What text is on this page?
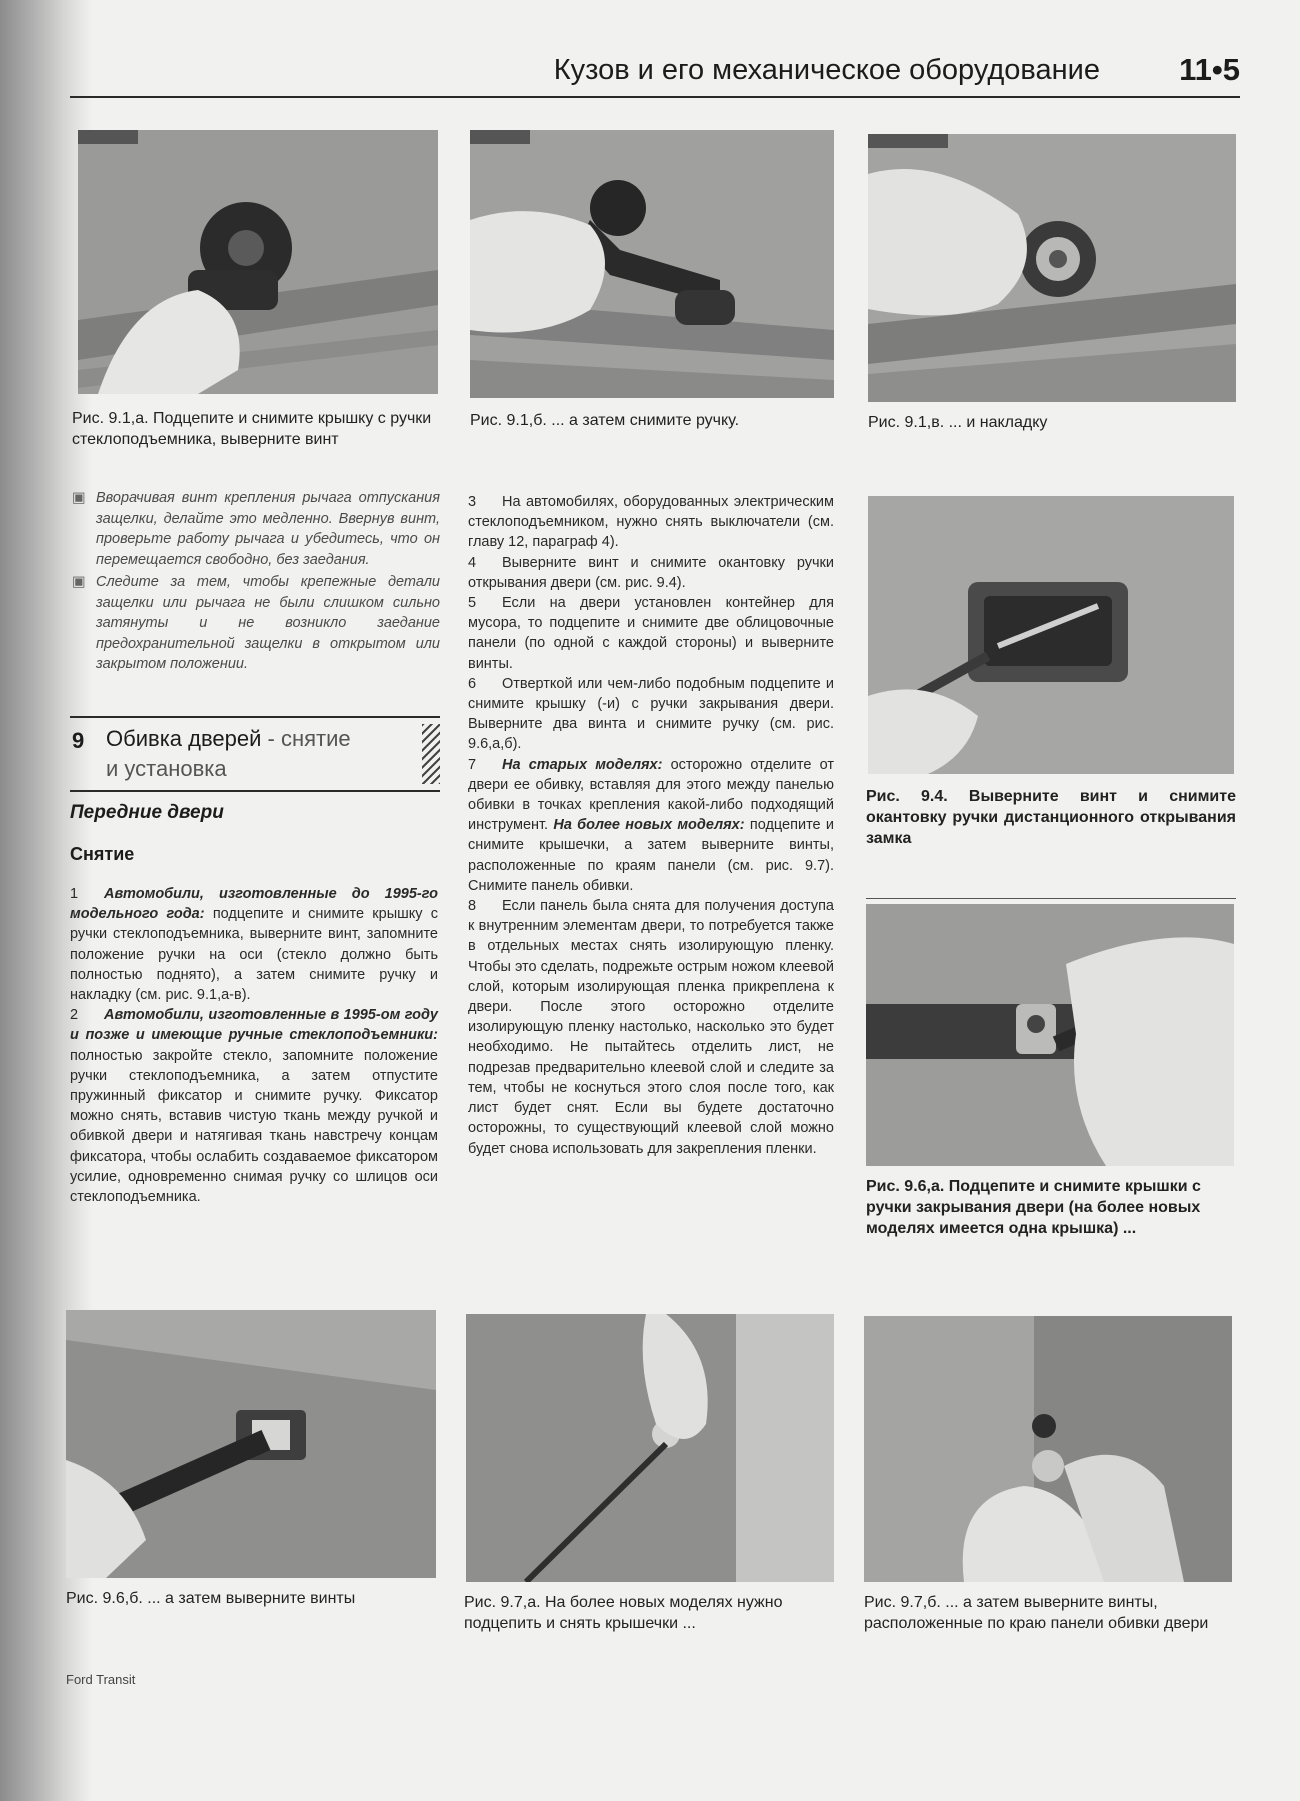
Кузов и его механическое оборудование	11•5
Рис. 9.1,а. Подцепите и снимите крышку с ручки стеклоподъемника, выверните винт
Рис. 9.1,б. ... а затем снимите ручку.	Рис. 9.1,в. ... и накладку

▣ Вворачивая винт крепления рычага отпускания защелки, делайте это медленно. Ввернув винт, проверьте работу рычага и убедитесь, что он перемещается свободно, без заедания.

▣ Следите за тем, чтобы крепежные детали защелки или рычага не были слишком сильно затянуты и не возникло заедание предохранительной защелки в открытом или закрытом положении.

9 Обивка дверей - снятие
и установка
Передние двери
Снятие

1 Автомобили, изготовленные до 1995-го модельного года: подцепите и снимите крышку с ручки стеклоподъемника, выверните винт, запомните положение ручки на оси (стекло должно быть полностью поднято), а затем снимите ручку и накладку (см. рис. 9.1,а-в).

2 Автомобили, изготовленные в 1995-ом году и позже и имеющие ручные стеклоподъемники: полностью закройте стекло, запомните положение ручки стеклоподъемника, а затем отпустите пружинный фиксатор и снимите ручку. Фиксатор можно снять, вставив чистую ткань между ручкой и обивкой двери и натягивая ткань навстречу концам фиксатора, чтобы ослабить создаваемое фиксатором усилие, одновременно снимая ручку со шлицов оси стеклоподъемника.

3 На автомобилях, оборудованных электрическим стеклоподъемником, нужно снять выключатели (см. главу 12, параграф 4).

4 Выверните винт и снимите окантовку ручки открывания двери (см. рис. 9.4).

5 Если на двери установлен контейнер для мусора, то подцепите и снимите две облицовочные панели (по одной с каждой стороны) и выверните винты.

6 Отверткой или чем-либо подобным подцепите и снимите крышку (-и) с ручки закрывания двери. Выверните два винта и снимите ручку (см. рис. 9.6,а,б).

7 На старых моделях: осторожно отделите от двери ее обивку, вставляя для этого между панелью обивки в точках крепления какой-либо подходящий инструмент. На более новых моделях: подцепите и снимите крышечки, а затем выверните винты, расположенные по краям панели (см. рис. 9.7). Снимите панель обивки.

8 Если панель была снята для получения доступа к внутренним элементам двери, то потребуется также в отдельных местах снять изолирующую пленку. Чтобы это сделать, подрежьте острым ножом клеевой слой, которым изолирующая пленка прикреплена к двери. После этого осторожно отделите изолирующую пленку настолько, насколько это будет необходимо. Не пытайтесь отделить лист, не подрезав предварительно клеевой слой и следите за тем, чтобы не коснуться этого слоя после того, как лист будет снят. Если вы будете достаточно осторожны, то существующий клеевой слой можно будет снова использовать для закрепления пленки.

Рис. 9.4. Выверните винт и снимите окантовку ручки дистанционного открывания замка
Рис. 9.6,а. Подцепите и снимите крышки с ручки закрывания двери (на более новых моделях имеется одна крышка) ...
Рис. 9.6,б. ... а затем выверните винты	Рис. 9.7,а. На более новых моделях нужно подцепить и снять крышечки ...
Рис. 9.7,б. ... а затем выверните винты, расположенные по краю панели обивки двери
Ford Transit
